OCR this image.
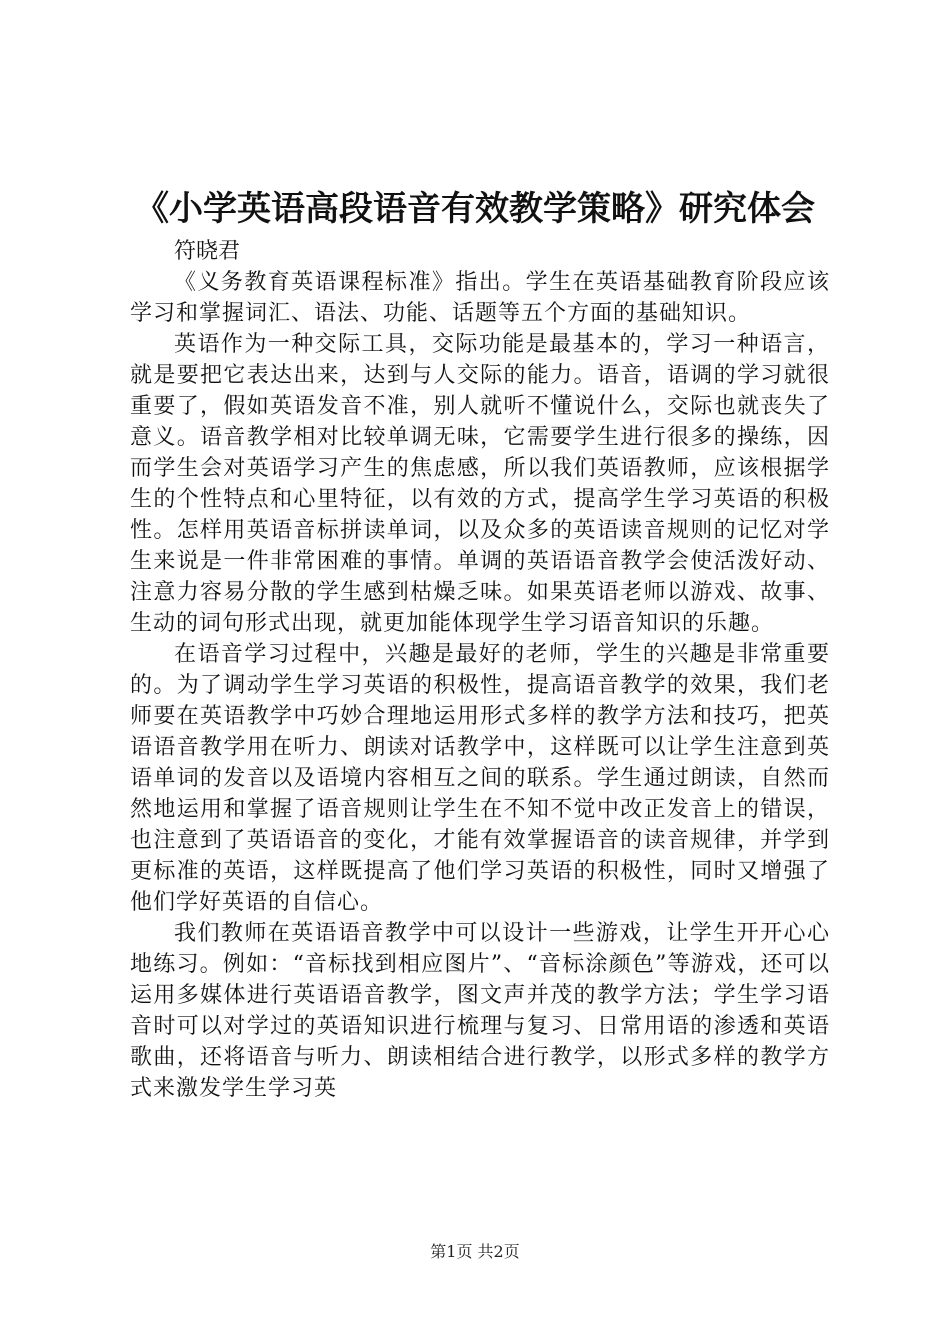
《小学英语高段语音有效教学策略》研究体会

符晓君

《义务教育英语课程标准》指出。学生在英语基础教育阶段应该学习和掌握词汇、语法、功能、话题等五个方面的基础知识。

英语作为一种交际工具，交际功能是最基本的，学习一种语言，就是要把它表达出来，达到与人交际的能力。语音，语调的学习就很重要了，假如英语发音不准，别人就听不懂说什么，交际也就丧失了意义。语音教学相对比较单调无味，它需要学生进行很多的操练，因而学生会对英语学习产生的焦虑感，所以我们英语教师，应该根据学生的个性特点和心里特征，以有效的方式，提高学生学习英语的积极性。怎样用英语音标拼读单词，以及众多的英语读音规则的记忆对学生来说是一件非常困难的事情。单调的英语语音教学会使活泼好动、注意力容易分散的学生感到枯燥乏味。如果英语老师以游戏、故事、生动的词句形式出现，就更加能体现学生学习语音知识的乐趣。

在语音学习过程中，兴趣是最好的老师，学生的兴趣是非常重要的。为了调动学生学习英语的积极性，提高语音教学的效果，我们老师要在英语教学中巧妙合理地运用形式多样的教学方法和技巧，把英语语音教学用在听力、朗读对话教学中，这样既可以让学生注意到英语单词的发音以及语境内容相互之间的联系。学生通过朗读，自然而然地运用和掌握了语音规则让学生在不知不觉中改正发音上的错误，也注意到了英语语音的变化，才能有效掌握语音的读音规律，并学到更标准的英语，这样既提高了他们学习英语的积极性，同时又增强了他们学好英语的自信心。

我们教师在英语语音教学中可以设计一些游戏，让学生开开心心地练习。例如：“音标找到相应图片”、“音标涂颜色”等游戏，还可以运用多媒体进行英语语音教学，图文声并茂的教学方法；学生学习语音时可以对学过的英语知识进行梳理与复习、日常用语的渗透和英语歌曲，还将语音与听力、朗读相结合进行教学，以形式多样的教学方式来激发学生学习英

第1页 共2页
